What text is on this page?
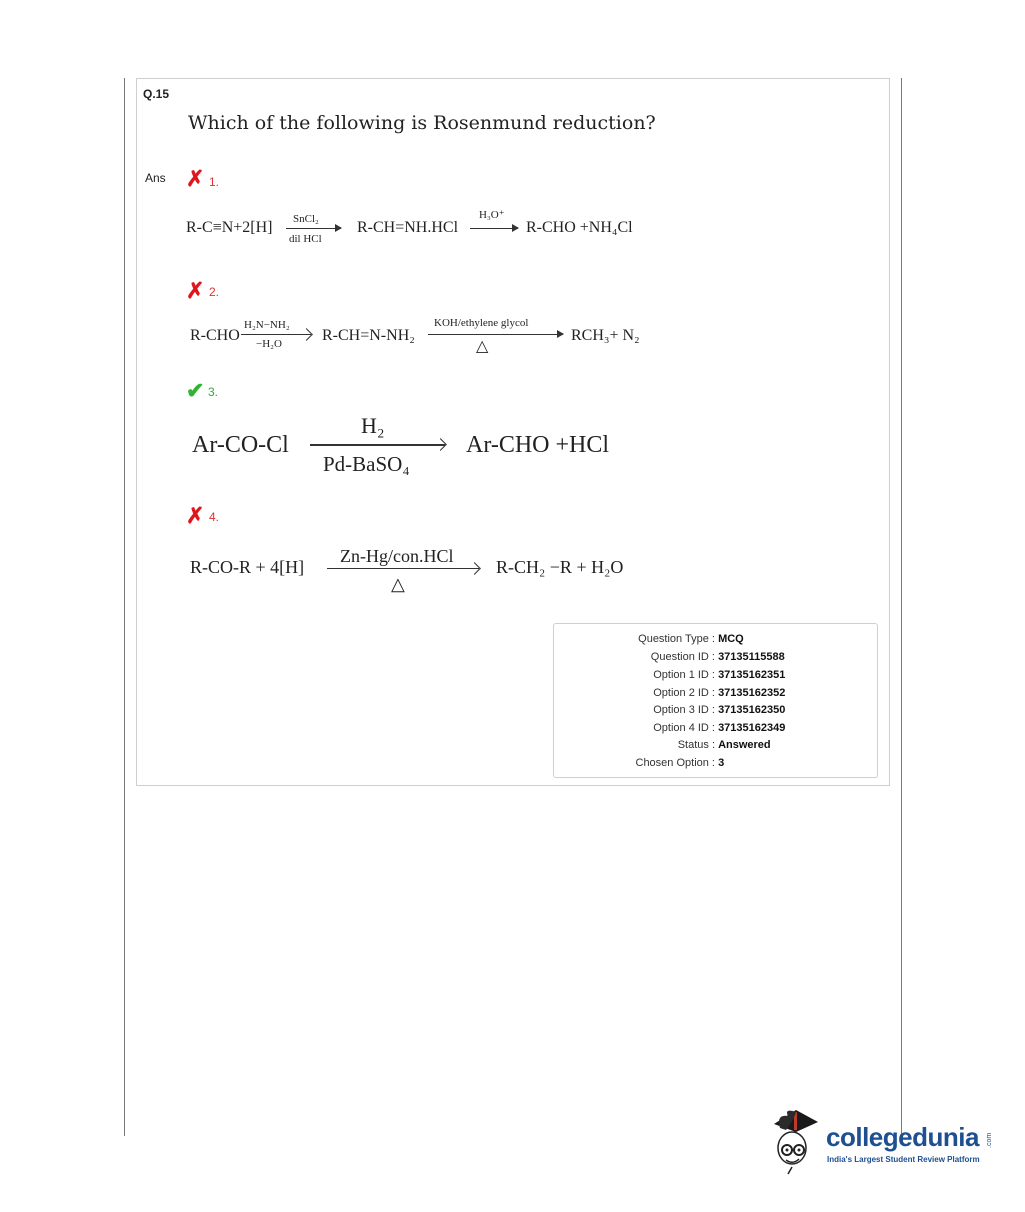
Q.15
Which of the following is Rosenmund reduction?
Ans ✗ 1.
R-C≡N+2[H] SnCl₂
dil HCl
R-CH=NH.HCl
H₃O⁺
→ R-CHO +NH₄Cl
✗ 2.
R-CHO
H₂N−NH₂
−H₂O	R-CH=N-NH₂
KOH/ethylene glycol
△
RCH₃+ N₂
✔ 3.
Ar-CO-Cl
H₂
Pd-BaSO₄
Ar-CHO +HCl
✗ 4.
R-CO-R + 4[H]
Zn-Hg/con.HCl
△
R-CH₂ −R + H₂O
Question Type : MCQ
Question ID : 37135115588
Option 1 ID : 37135162351
Option 2 ID : 37135162352
Option 3 ID : 37135162350
Option 4 ID : 37135162349
Status : Answered
Chosen Option : 3
collegedunia .com
India's Largest Student Review Platform
